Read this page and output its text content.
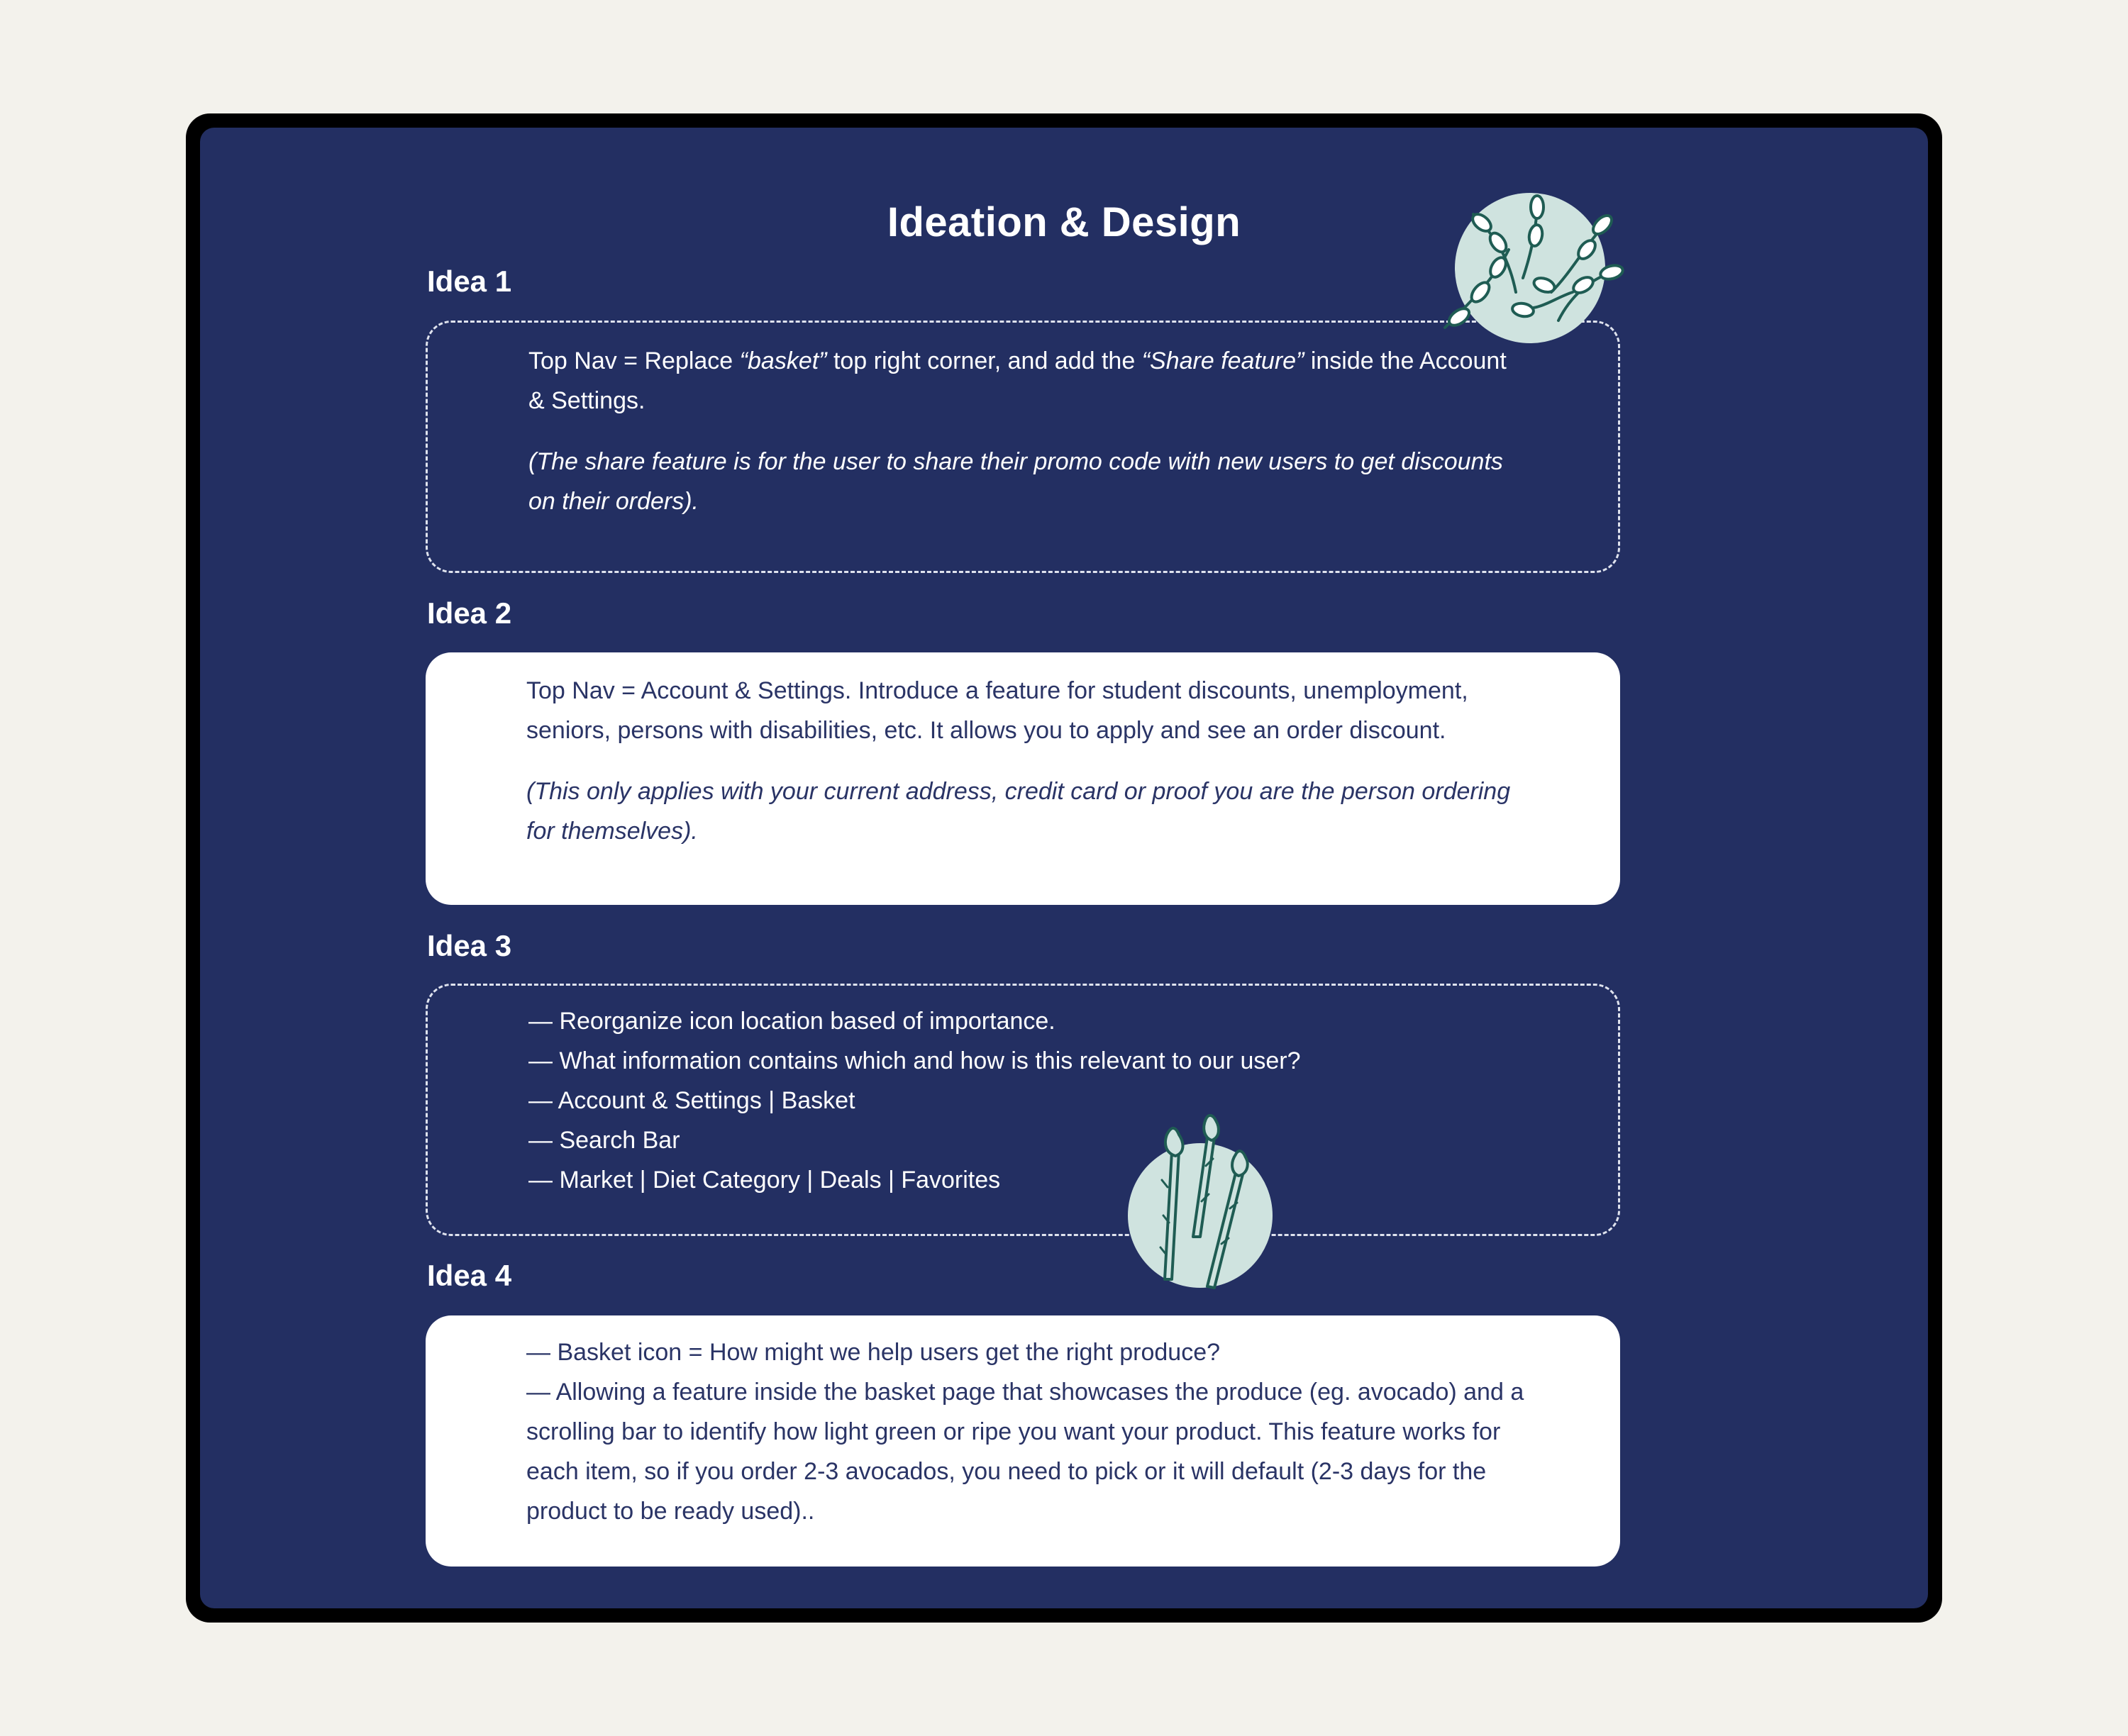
Ideation & Design
Idea 1

Top Nav = Replace “basket” top right corner, and add the “Share feature” inside the Account & Settings.

(The share feature is for the user to share their promo code with new users to get discounts on their orders).

Idea 2

Top Nav = Account & Settings. Introduce a feature for student discounts, unemployment, seniors, persons with disabilities, etc. It allows you to apply and see an order discount.

(This only applies with your current address, credit card or proof you are the person ordering for themselves).

Idea 3

— Reorganize icon location based of importance.

— What information contains which and how is this relevant to our user?

— Account & Settings | Basket

— Search Bar

— Market | Diet Category | Deals | Favorites

Idea 4

— Basket icon = How might we help users get the right produce?

— Allowing a feature inside the basket page that showcases the produce (eg. avocado) and a scrolling bar to identify how light green or ripe you want your product. This feature works for each item, so if you order 2-3 avocados, you need to pick or it will default (2-3 days for the product to be ready used)..
